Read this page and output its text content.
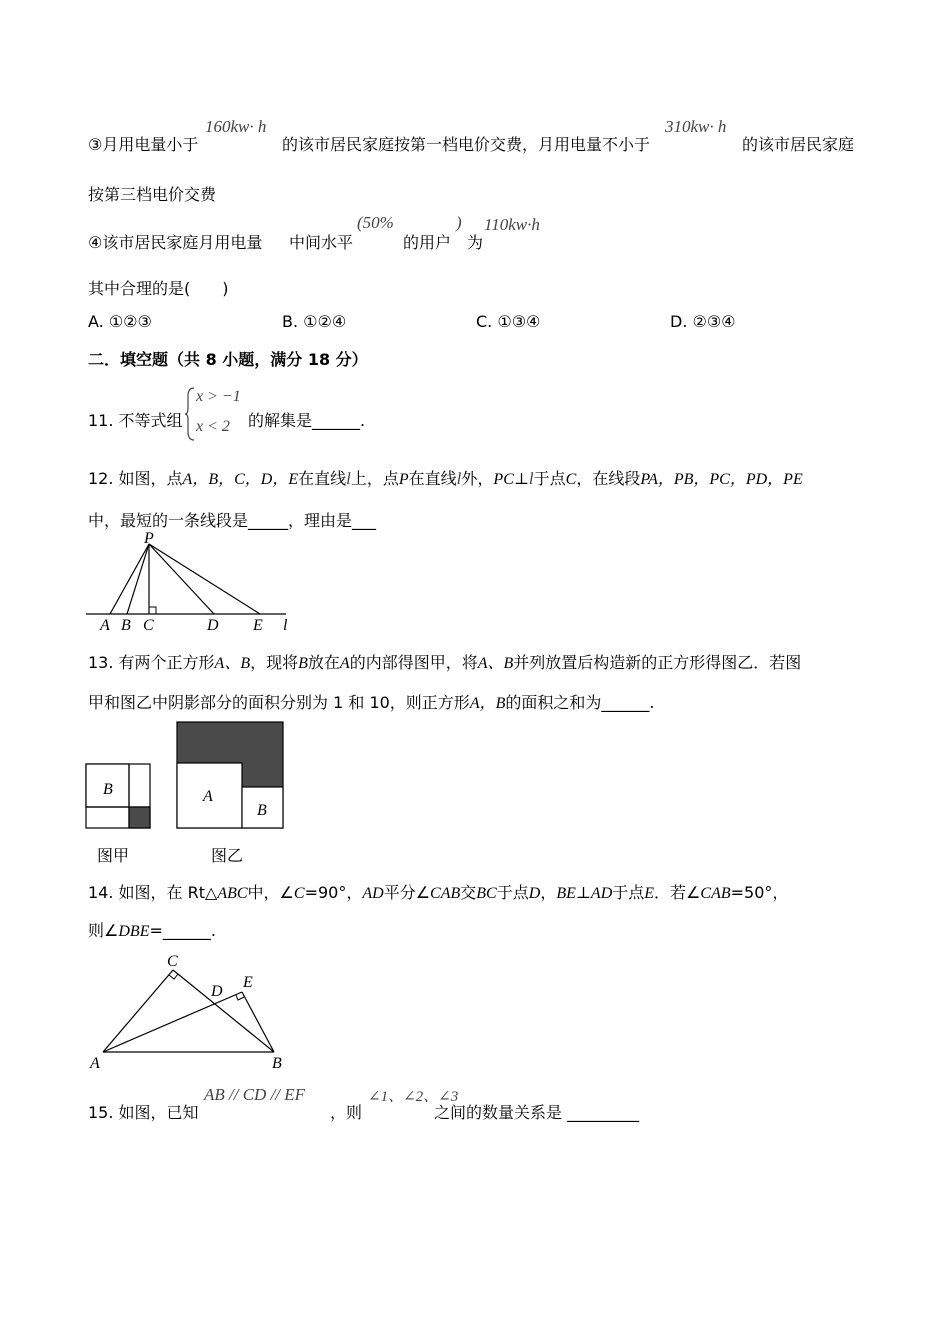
③月用电量小于
160kw· h
的该市居民家庭按第一档电价交费，月用电量不小于
310kw· h
的该市居民家庭
按第三档电价交费
④该市居民家庭月用电量 中间水平
(50%
的用户
)
为
110kw·h
其中合理的是(　　)
A. ①②③	B. ①②④	C. ①③④	D. ②③④
二．填空题（共 8 小题，满分 18 分）
11. 不等式组
x > −1
x < 2 的解集是______.
12. 如图，点A，B，C，D，E在直线l上，点P在直线l外，PC⊥l于点C，在线段PA，PB，PC，PD，PE
中，最短的一条线段是_____，理由是___
P
A B C	D E l
13. 有两个正方形A、B，现将B放在A的内部得图甲，将A、B并列放置后构造新的正方形得图乙．若图
甲和图乙中阴影部分的面积分别为 1 和 10，则正方形A，B的面积之和为______.
B
图甲
A
B
图乙
14. 如图，在 Rt△ABC中，∠C=90°，AD平分∠CAB交BC于点D，BE⊥AD于点E．若∠CAB=50°，
则∠DBE=______.
C
D
E
A	B
15. 如图，已知
AB // CD // EF
，则
∠1、∠2、∠3
之间的数量关系是 _________
